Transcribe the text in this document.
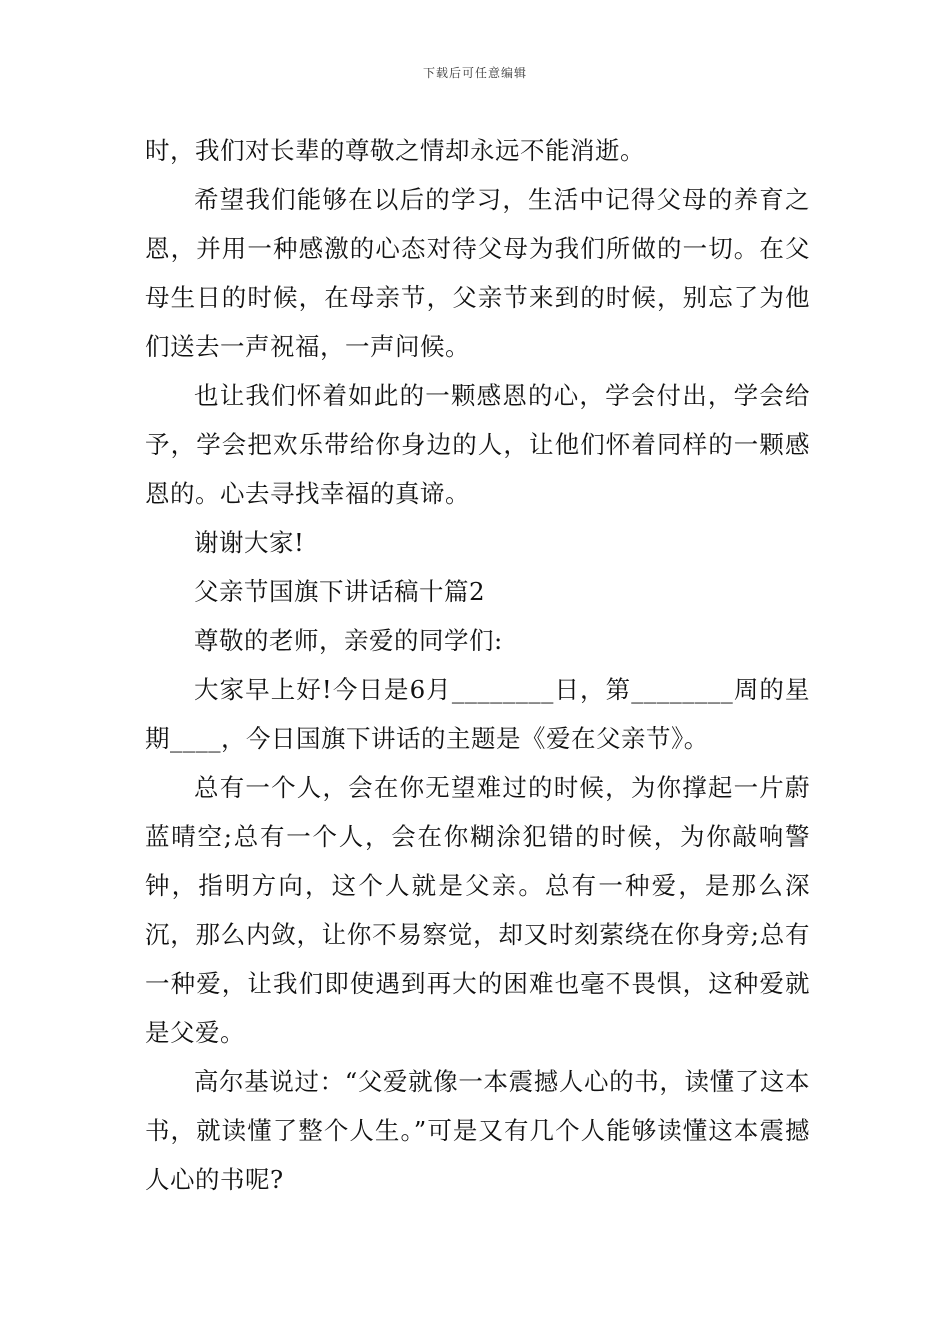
下载后可任意编辑

时，我们对长辈的尊敬之情却永远不能消逝。

希望我们能够在以后的学习，生活中记得父母的养育之恩，并用一种感激的心态对待父母为我们所做的一切。在父母生日的时候，在母亲节，父亲节来到的时候，别忘了为他们送去一声祝福，一声问候。

也让我们怀着如此的一颗感恩的心，学会付出，学会给予，学会把欢乐带给你身边的人，让他们怀着同样的一颗感恩的。心去寻找幸福的真谛。

谢谢大家!

父亲节国旗下讲话稿十篇2

尊敬的老师，亲爱的同学们:

大家早上好!今日是6月________日，第________周的星期____，今日国旗下讲话的主题是《爱在父亲节》。

总有一个人，会在你无望难过的时候，为你撑起一片蔚蓝晴空;总有一个人，会在你糊涂犯错的时候，为你敲响警钟，指明方向，这个人就是父亲。总有一种爱，是那么深沉，那么内敛，让你不易察觉，却又时刻萦绕在你身旁;总有一种爱，让我们即使遇到再大的困难也毫不畏惧，这种爱就是父爱。

高尔基说过：“父爱就像一本震撼人心的书，读懂了这本书，就读懂了整个人生。”可是又有几个人能够读懂这本震撼人心的书呢?
